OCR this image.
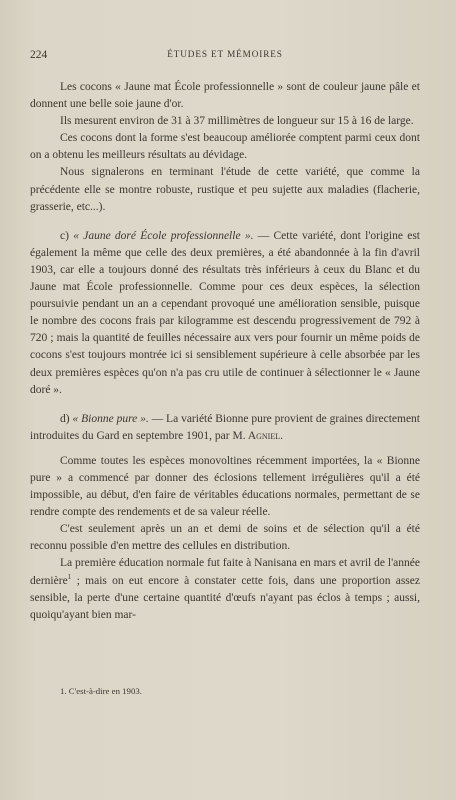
224	ÉTUDES ET MÉMOIRES

Les cocons « Jaune mat École professionnelle » sont de couleur jaune pâle et donnent une belle soie jaune d'or.

Ils mesurent environ de 31 à 37 millimètres de longueur sur 15 à 16 de large.

Ces cocons dont la forme s'est beaucoup améliorée comptent parmi ceux dont on a obtenu les meilleurs résultats au dévidage.

Nous signalerons en terminant l'étude de cette variété, que comme la précédente elle se montre robuste, rustique et peu sujette aux maladies (flacherie, grasserie, etc...).

c) « Jaune doré École professionnelle ». — Cette variété, dont l'origine est également la même que celle des deux premières, a été abandonnée à la fin d'avril 1903, car elle a toujours donné des résultats très inférieurs à ceux du Blanc et du Jaune mat École professionnelle. Comme pour ces deux espèces, la sélection poursuivie pendant un an a cependant provoqué une amélioration sensible, puisque le nombre des cocons frais par kilogramme est descendu progressivement de 792 à 720 ; mais la quantité de feuilles nécessaire aux vers pour fournir un même poids de cocons s'est toujours montrée ici si sensiblement supérieure à celle absorbée par les deux premières espèces qu'on n'a pas cru utile de continuer à sélectionner le « Jaune doré ».

d) « Bionne pure ». — La variété Bionne pure provient de graines directement introduites du Gard en septembre 1901, par M. Agniel.

Comme toutes les espèces monovoltines récemment importées, la « Bionne pure » a commencé par donner des éclosions tellement irrégulières qu'il a été impossible, au début, d'en faire de véritables éducations normales, permettant de se rendre compte des rendements et de sa valeur réelle.

C'est seulement après un an et demi de soins et de sélection qu'il a été reconnu possible d'en mettre des cellules en distribution.

La première éducation normale fut faite à Nanisana en mars et avril de l'année dernière$^1$ ; mais on eut encore à constater cette fois, dans une proportion assez sensible, la perte d'une certaine quantité d'œufs n'ayant pas éclos à temps ; aussi, quoiqu'ayant bien mar-

1. C'est-à-dire en 1903.
